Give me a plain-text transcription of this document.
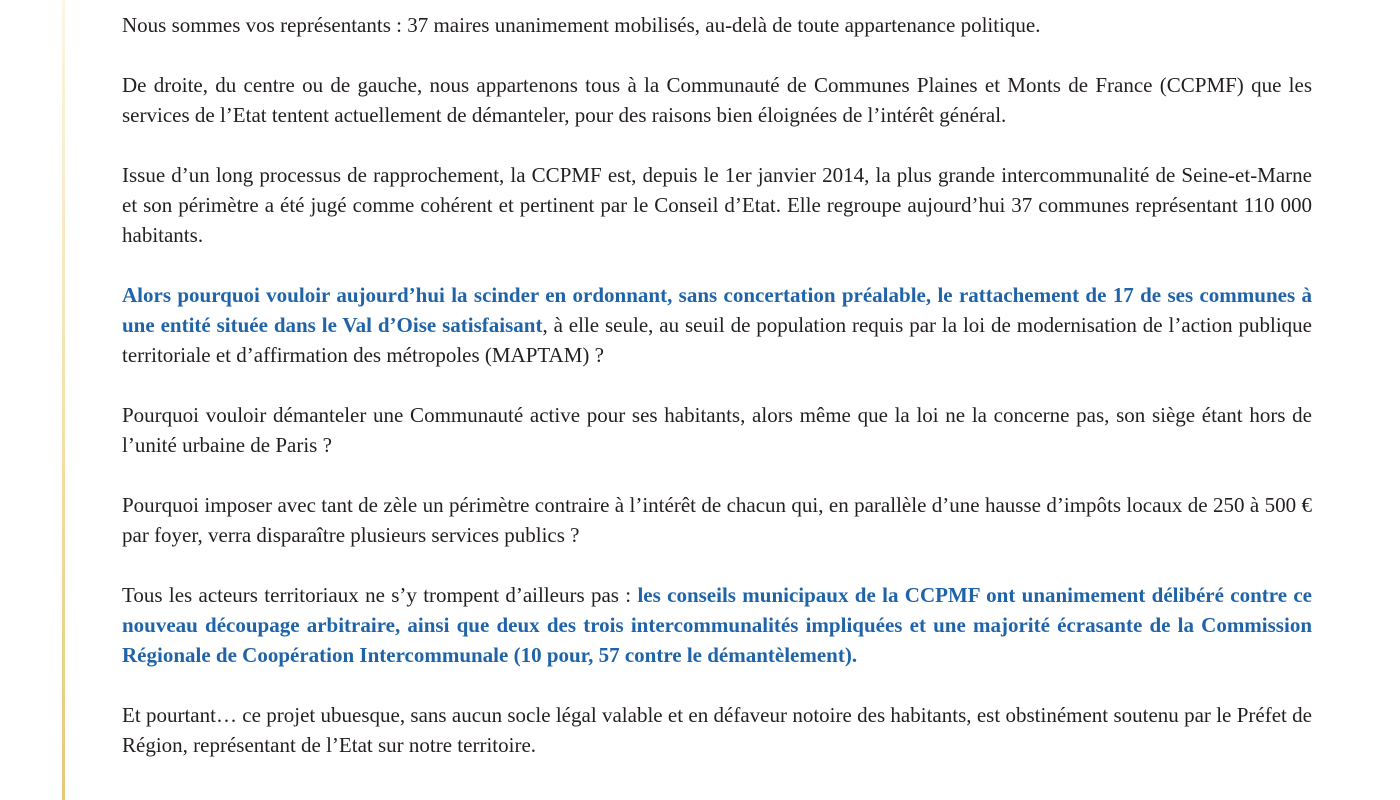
Nous sommes vos représentants : 37 maires unanimement mobilisés, au-delà de toute appartenance politique.

De droite, du centre ou de gauche, nous appartenons tous à la Communauté de Communes Plaines et Monts de France (CCPMF) que les services de l’Etat tentent actuellement de démanteler, pour des raisons bien éloignées de l’intérêt général.

Issue d’un long processus de rapprochement, la CCPMF est, depuis le 1er janvier 2014, la plus grande intercommunalité de Seine-et-Marne et son périmètre a été jugé comme cohérent et pertinent par le Conseil d’Etat. Elle regroupe aujourd’hui 37 communes représentant 110 000 habitants.

Alors pourquoi vouloir aujourd’hui la scinder en ordonnant, sans concertation préalable, le rattachement de 17 de ses communes à une entité située dans le Val d’Oise satisfaisant, à elle seule, au seuil de population requis par la loi de modernisation de l’action publique territoriale et d’affirmation des métropoles (MAPTAM) ?

Pourquoi vouloir démanteler une Communauté active pour ses habitants, alors même que la loi ne la concerne pas, son siège étant hors de l’unité urbaine de Paris ?

Pourquoi imposer avec tant de zèle un périmètre contraire à l’intérêt de chacun qui, en parallèle d’une hausse d’impôts locaux de 250 à 500 € par foyer, verra disparaître plusieurs services publics ?

Tous les acteurs territoriaux ne s’y trompent d’ailleurs pas : les conseils municipaux de la CCPMF ont unanimement délibéré contre ce nouveau découpage arbitraire, ainsi que deux des trois intercommunalités impliquées et une majorité écrasante de la Commission Régionale de Coopération Intercommunale (10 pour, 57 contre le démantèlement).

Et pourtant… ce projet ubuesque, sans aucun socle légal valable et en défaveur notoire des habitants, est obstinément soutenu par le Préfet de Région, représentant de l’Etat sur notre territoire.
